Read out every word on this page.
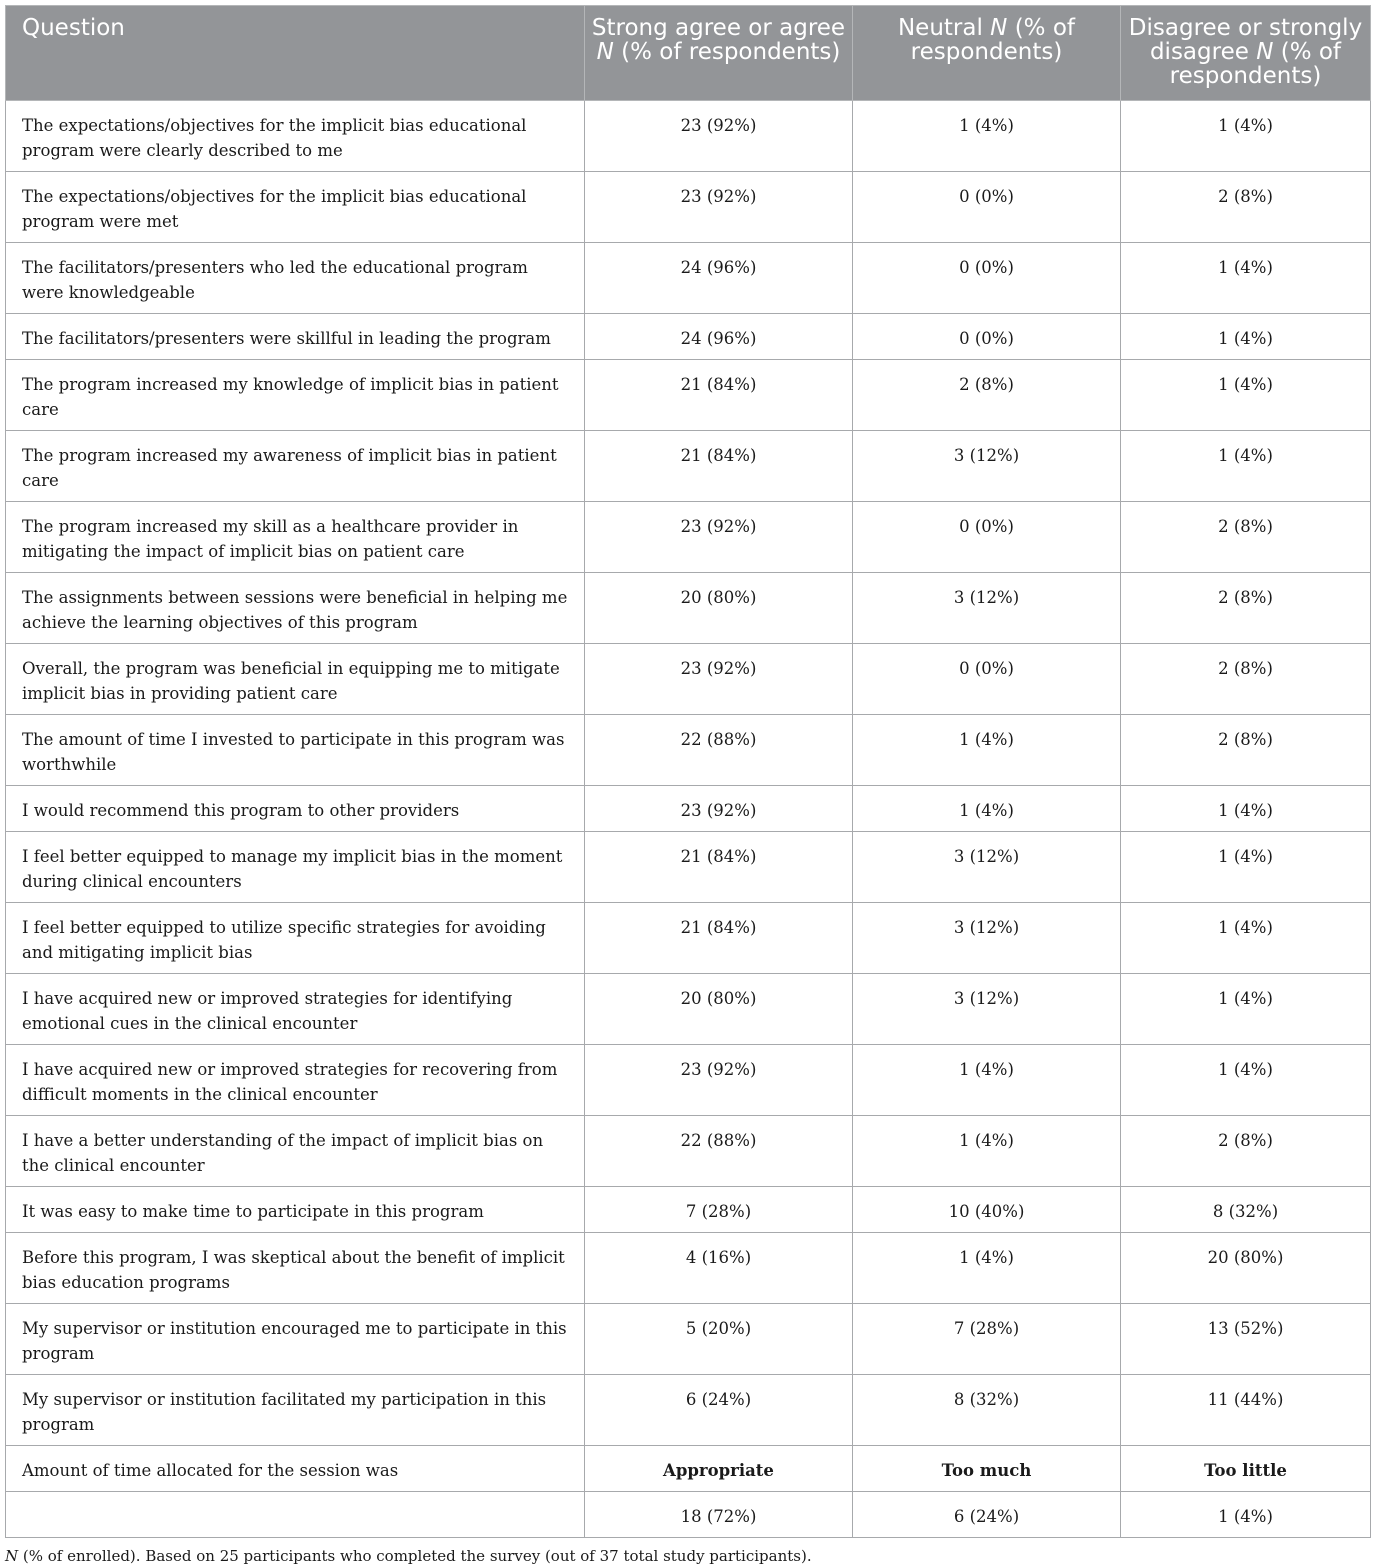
Question	Strong agree or agree N (% of respondents)	Neutral N (% of respondents)	Disagree or strongly disagree N (% of respondents)
The expectations/objectives for the implicit bias educational program were clearly described to me	23 (92%)	1 (4%)	1 (4%)
The expectations/objectives for the implicit bias educational program were met	23 (92%)	0 (0%)	2 (8%)
The facilitators/presenters who led the educational program were knowledgeable	24 (96%)	0 (0%)	1 (4%)
The facilitators/presenters were skillful in leading the program	24 (96%)	0 (0%)	1 (4%)
The program increased my knowledge of implicit bias in patient care	21 (84%)	2 (8%)	1 (4%)
The program increased my awareness of implicit bias in patient care	21 (84%)	3 (12%)	1 (4%)
The program increased my skill as a healthcare provider in mitigating the impact of implicit bias on patient care	23 (92%)	0 (0%)	2 (8%)
The assignments between sessions were beneficial in helping me achieve the learning objectives of this program	20 (80%)	3 (12%)	2 (8%)
Overall, the program was beneficial in equipping me to mitigate implicit bias in providing patient care	23 (92%)	0 (0%)	2 (8%)
The amount of time I invested to participate in this program was worthwhile	22 (88%)	1 (4%)	2 (8%)
I would recommend this program to other providers	23 (92%)	1 (4%)	1 (4%)
I feel better equipped to manage my implicit bias in the moment during clinical encounters	21 (84%)	3 (12%)	1 (4%)
I feel better equipped to utilize specific strategies for avoiding and mitigating implicit bias	21 (84%)	3 (12%)	1 (4%)
I have acquired new or improved strategies for identifying emotional cues in the clinical encounter	20 (80%)	3 (12%)	1 (4%)
I have acquired new or improved strategies for recovering from difficult moments in the clinical encounter	23 (92%)	1 (4%)	1 (4%)
I have a better understanding of the impact of implicit bias on the clinical encounter	22 (88%)	1 (4%)	2 (8%)
It was easy to make time to participate in this program	7 (28%)	10 (40%)	8 (32%)
Before this program, I was skeptical about the benefit of implicit bias education programs	4 (16%)	1 (4%)	20 (80%)
My supervisor or institution encouraged me to participate in this program	5 (20%)	7 (28%)	13 (52%)
My supervisor or institution facilitated my participation in this program	6 (24%)	8 (32%)	11 (44%)
Amount of time allocated for the session was	Appropriate	Too much	Too little
	18 (72%)	6 (24%)	1 (4%)

N (% of enrolled). Based on 25 participants who completed the survey (out of 37 total study participants).
